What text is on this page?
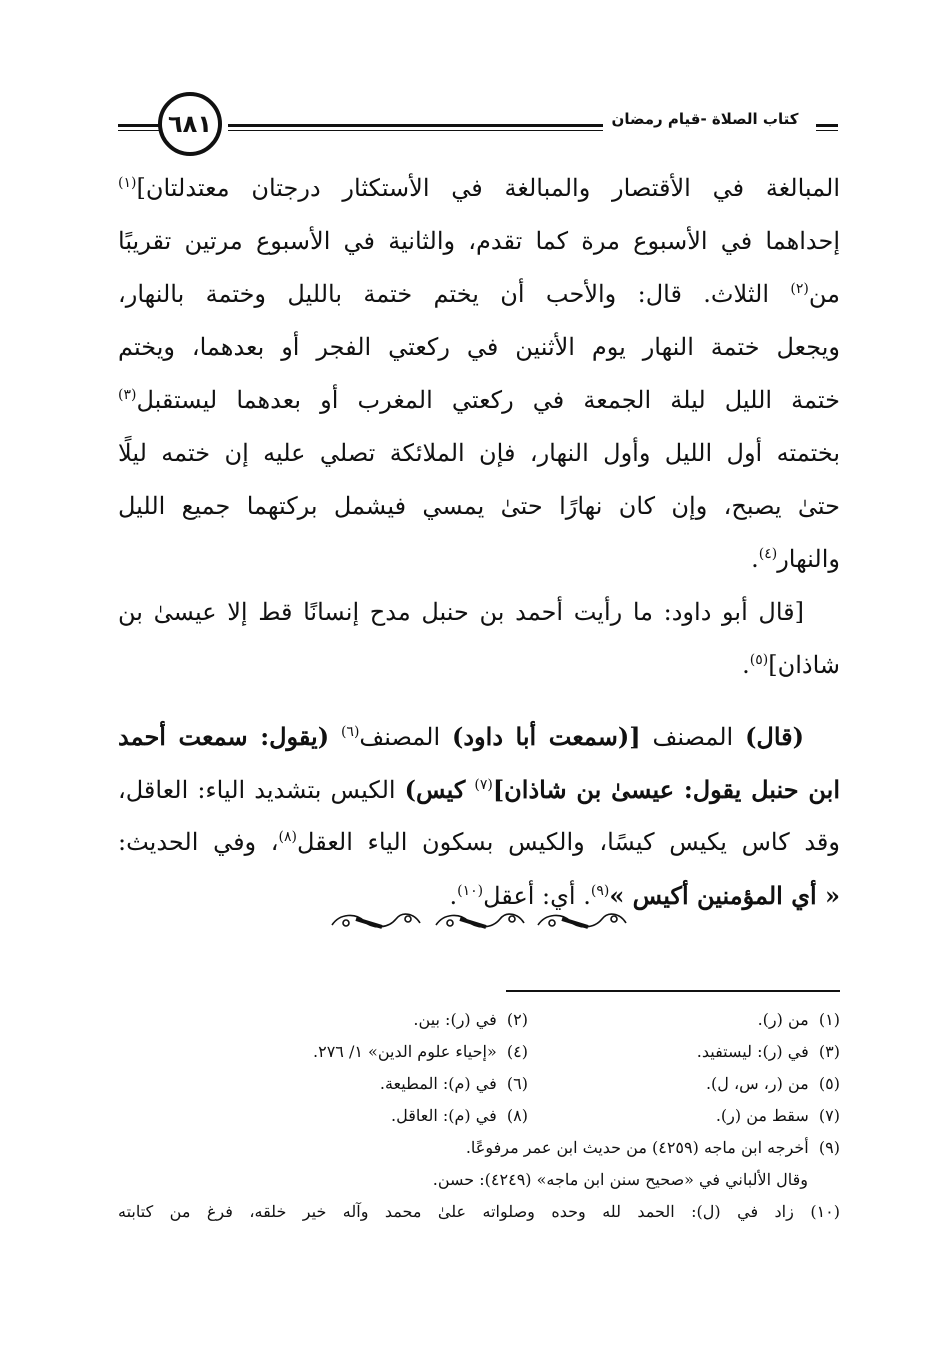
كتاب الصلاة -قيام رمضان
٦٨١
المبالغة في الأقتصار والمبالغة في الأستكثار درجتان معتدلتان]$^{(١)}$
إحداهما في الأسبوع مرة كما تقدم، والثانية في الأسبوع مرتين تقريبًا
من$^{(٢)}$ الثلاث. قال: والأحب أن يختم ختمة بالليل وختمة بالنهار،
ويجعل ختمة النهار يوم الأثنين في ركعتي الفجر أو بعدهما، ويختم
ختمة الليل ليلة الجمعة في ركعتي المغرب أو بعدهما ليستقبل$^{(٣)}$
بختمته أول الليل وأول النهار، فإن الملائكة تصلي عليه إن ختمه ليلًا
حتىٰ يصبح، وإن كان نهارًا حتىٰ يمسي فيشمل بركتهما جميع الليل
والنهار$^{(٤)}$.
[قال أبو داود: ما رأيت أحمد بن حنبل مدح إنسانًا قط إلا عيسىٰ بن
شاذان]$^{(٥)}$.
(قال) المصنف [(سمعت أبا داود) المصنف$^{(٦)}$ (يقول: سمعت أحمد
ابن حنبل يقول: عيسىٰ بن شاذان]$^{(٧)}$ كيس) الكيس بتشديد الياء: العاقل،
وقد كاس يكيس كيسًا، والكيس بسكون الياء العقل$^{(٨)}$، وفي الحديث:
« أي المؤمنين أكيس »$^{(٩)}$. أي: أعقل$^{(١٠)}$.
(١)  من (ر).
(٢)  في (ر): بين.
(٣)  في (ر): ليستفيد.
(٤)  «إحياء علوم الدين» ١/ ٢٧٦.
(٥)  من (ر، س، ل).
(٦)  في (م): المطيعة.
(٧)  سقط من (ر).
(٨)  في (م): العاقل.
(٩)  أخرجه ابن ماجه (٤٢٥٩) من حديث ابن عمر مرفوعًا.
وقال الألباني في «صحيح سنن ابن ماجه» (٤٢٤٩): حسن.
(١٠) زاد في (ل): الحمد لله وحده وصلواته علىٰ محمد وآله خير خلقه، فرغ من كتابته
